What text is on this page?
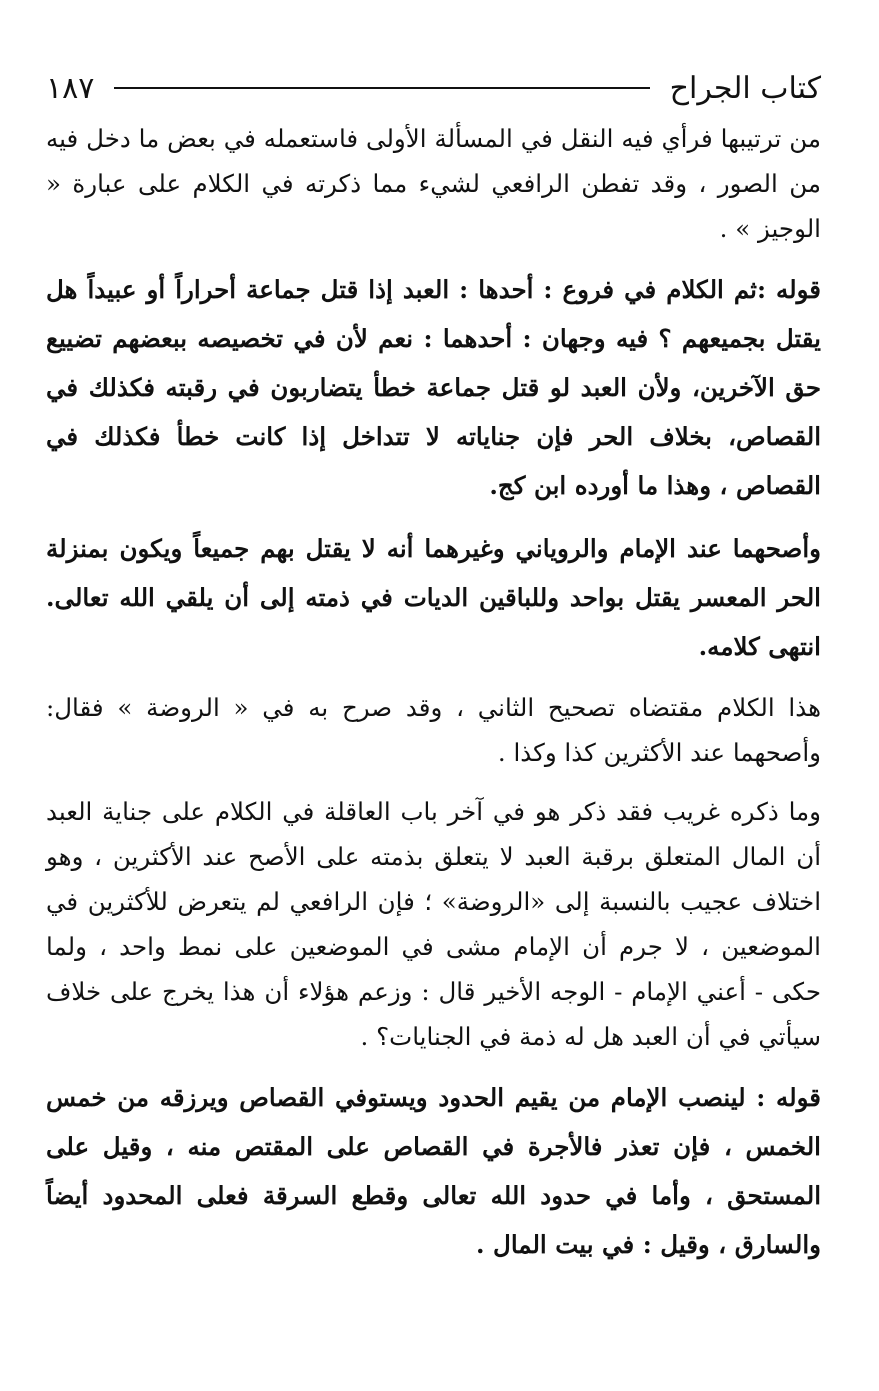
كتاب الجراح
١٨٧

من ترتيبها فرأي فيه النقل في المسألة الأولى فاستعمله في بعض ما دخل فيه من الصور ، وقد تفطن الرافعي لشيء مما ذكرته في الكلام على عبارة « الوجيز » .

قوله :ثم الكلام في فروع : أحدها : العبد إذا قتل جماعة أحراراً أو عبيداً هل يقتل بجميعهم ؟ فيه وجهان : أحدهما : نعم لأن في تخصيصه ببعضهم تضييع حق الآخرين، ولأن العبد لو قتل جماعة خطأ يتضاربون في رقبته فكذلك في القصاص، بخلاف الحر فإن جناياته لا تتداخل إذا كانت خطأ فكذلك في القصاص ، وهذا ما أورده ابن كج.

وأصحهما عند الإمام والروياني وغيرهما أنه لا يقتل بهم جميعاً ويكون بمنزلة الحر المعسر يقتل بواحد وللباقين الديات في ذمته إلى أن يلقي الله تعالى. انتهى كلامه.

هذا الكلام مقتضاه تصحيح الثاني ، وقد صرح به في « الروضة » فقال: وأصحهما عند الأكثرين كذا وكذا .

وما ذكره غريب فقد ذكر هو في آخر باب العاقلة في الكلام على جناية العبد أن المال المتعلق برقبة العبد لا يتعلق بذمته على الأصح عند الأكثرين ، وهو اختلاف عجيب بالنسبة إلى «الروضة» ؛ فإن الرافعي لم يتعرض للأكثرين في الموضعين ، لا جرم أن الإمام مشى في الموضعين على نمط واحد ، ولما حكى - أعني الإمام - الوجه الأخير قال : وزعم هؤلاء أن هذا يخرج على خلاف سيأتي في أن العبد هل له ذمة في الجنايات؟ .

قوله : لينصب الإمام من يقيم الحدود ويستوفي القصاص ويرزقه من خمس الخمس ، فإن تعذر فالأجرة في القصاص على المقتص منه ، وقيل على المستحق ، وأما في حدود الله تعالى وقطع السرقة فعلى المحدود أيضاً والسارق ، وقيل : في بيت المال .
